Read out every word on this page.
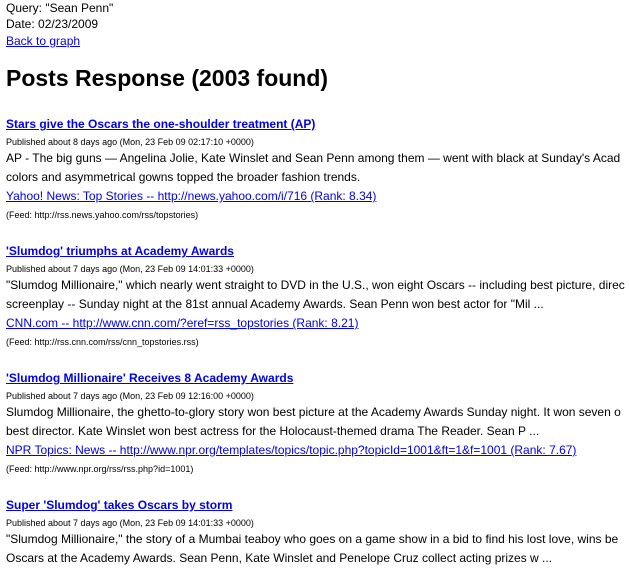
Query: "Sean Penn"
Date: 02/23/2009
Back to graph
Posts Response (2003 found)
Stars give the Oscars the one-shoulder treatment (AP)
Published about 8 days ago (Mon, 23 Feb 09 02:17:10 +0000)
AP - The big guns — Angelina Jolie, Kate Winslet and Sean Penn among them — went with black at Sunday's Acad
colors and asymmetrical gowns topped the broader fashion trends.
Yahoo! News: Top Stories -- http://news.yahoo.com/i/716 (Rank: 8.34)
(Feed: http://rss.news.yahoo.com/rss/topstories)
'Slumdog' triumphs at Academy Awards
Published about 7 days ago (Mon, 23 Feb 09 14:01:33 +0000)
"Slumdog Millionaire," which nearly went straight to DVD in the U.S., won eight Oscars -- including best picture, direc
screenplay -- Sunday night at the 81st annual Academy Awards. Sean Penn won best actor for "Mil ...
CNN.com -- http://www.cnn.com/?eref=rss_topstories (Rank: 8.21)
(Feed: http://rss.cnn.com/rss/cnn_topstories.rss)
'Slumdog Millionaire' Receives 8 Academy Awards
Published about 7 days ago (Mon, 23 Feb 09 12:16:00 +0000)
Slumdog Millionaire, the ghetto-to-glory story won best picture at the Academy Awards Sunday night. It won seven o
best director. Kate Winslet won best actress for the Holocaust-themed drama The Reader. Sean P ...
NPR Topics: News -- http://www.npr.org/templates/topics/topic.php?topicId=1001&ft=1&f=1001 (Rank: 7.67)
(Feed: http://www.npr.org/rss/rss.php?id=1001)
Super 'Slumdog' takes Oscars by storm
Published about 7 days ago (Mon, 23 Feb 09 14:01:33 +0000)
"Slumdog Millionaire," the story of a Mumbai teaboy who goes on a game show in a bid to find his lost love, wins be
Oscars at the Academy Awards. Sean Penn, Kate Winslet and Penelope Cruz collect acting prizes w ...
